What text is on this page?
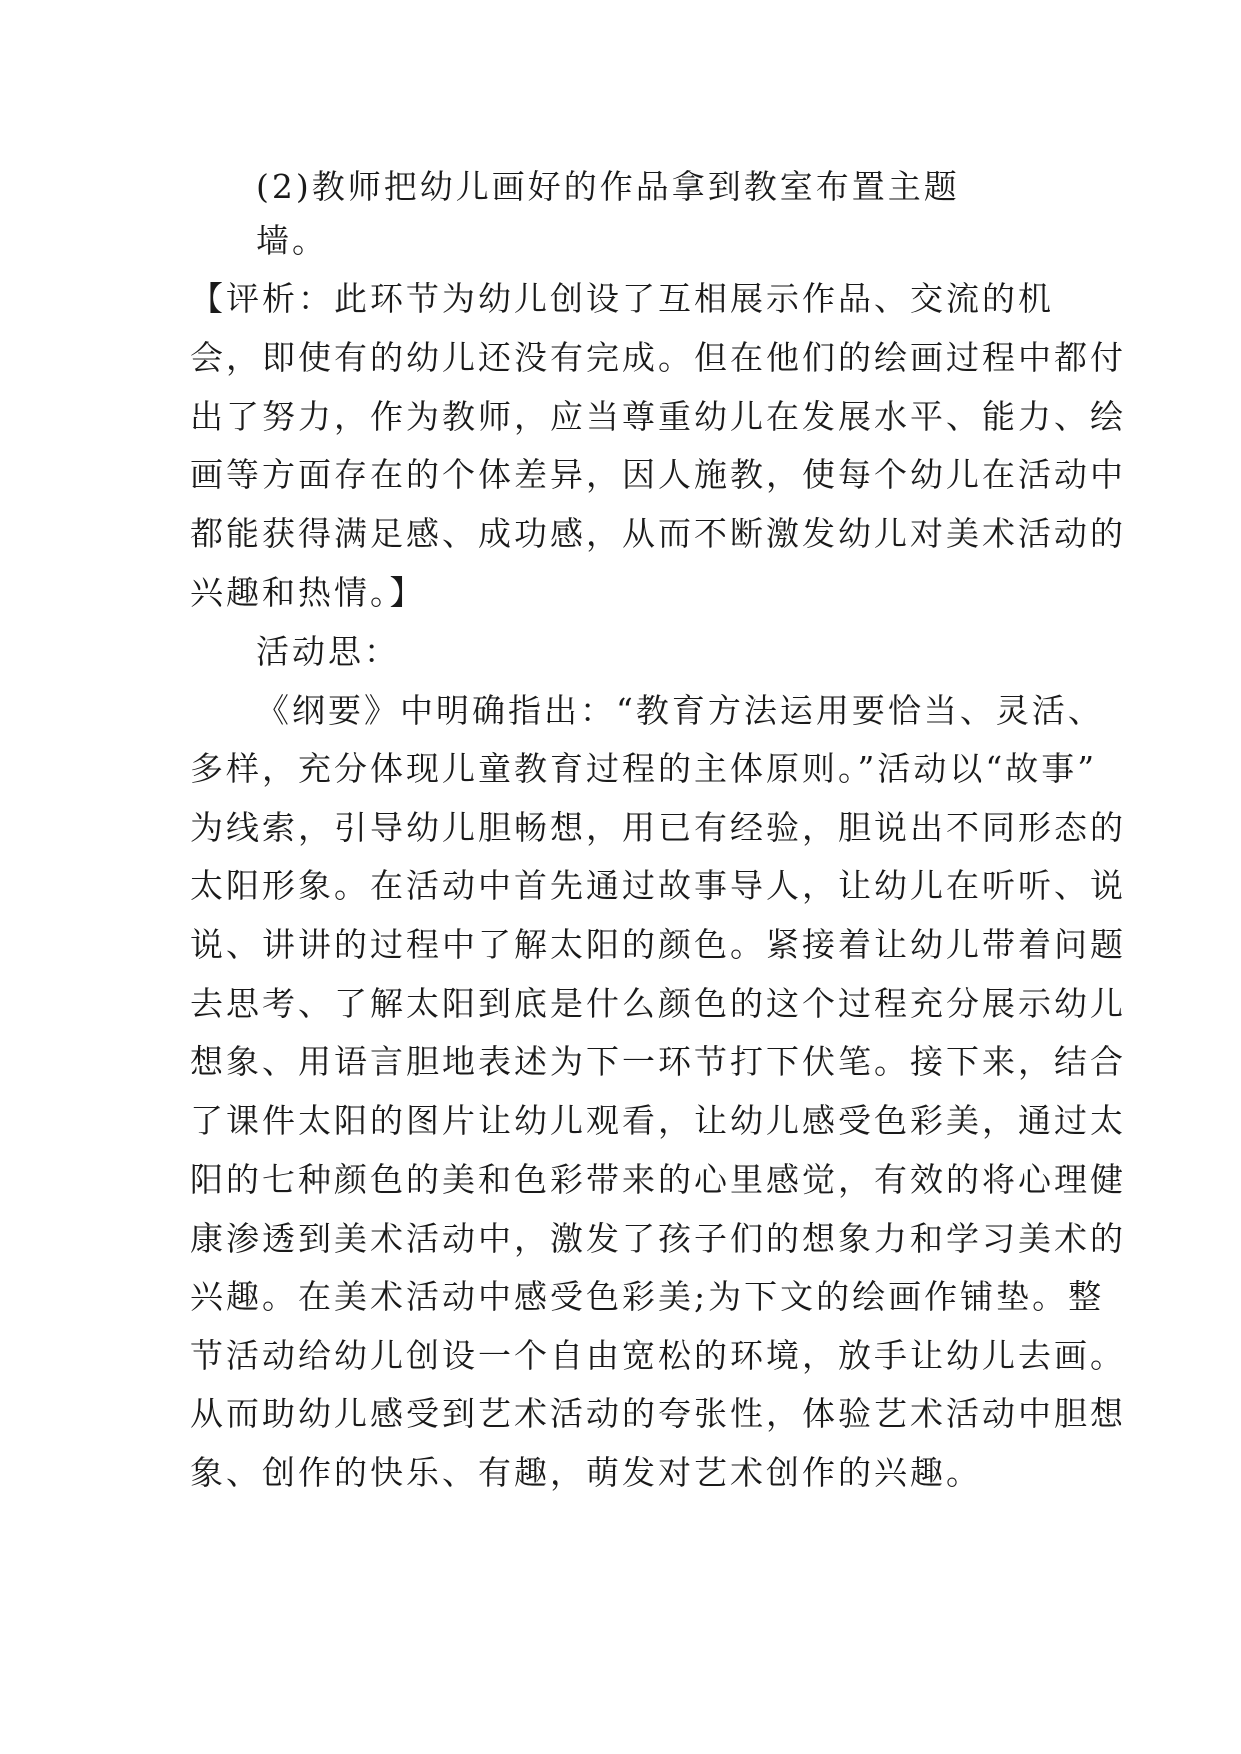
(2)教师把幼儿画好的作品拿到教室布置主题
墙。
【评析：此环节为幼儿创设了互相展示作品、交流的机
会，即使有的幼儿还没有完成。但在他们的绘画过程中都付
出了努力，作为教师，应当尊重幼儿在发展水平、能力、绘
画等方面存在的个体差异，因人施教，使每个幼儿在活动中
都能获得满足感、成功感，从而不断激发幼儿对美术活动的
兴趣和热情。】
活动思：
《纲要》中明确指出：“教育方法运用要恰当、灵活、
多样，充分体现儿童教育过程的主体原则。”活动以“故事”
为线索，引导幼儿胆畅想，用已有经验，胆说出不同形态的
太阳形象。在活动中首先通过故事导人，让幼儿在听听、说
说、讲讲的过程中了解太阳的颜色。紧接着让幼儿带着问题
去思考、了解太阳到底是什么颜色的这个过程充分展示幼儿
想象、用语言胆地表述为下一环节打下伏笔。接下来，结合
了课件太阳的图片让幼儿观看，让幼儿感受色彩美，通过太
阳的七种颜色的美和色彩带来的心里感觉，有效的将心理健
康渗透到美术活动中，激发了孩子们的想象力和学习美术的
兴趣。在美术活动中感受色彩美;为下文的绘画作铺垫。整
节活动给幼儿创设一个自由宽松的环境，放手让幼儿去画。
从而助幼儿感受到艺术活动的夸张性，体验艺术活动中胆想
象、创作的快乐、有趣，萌发对艺术创作的兴趣。
